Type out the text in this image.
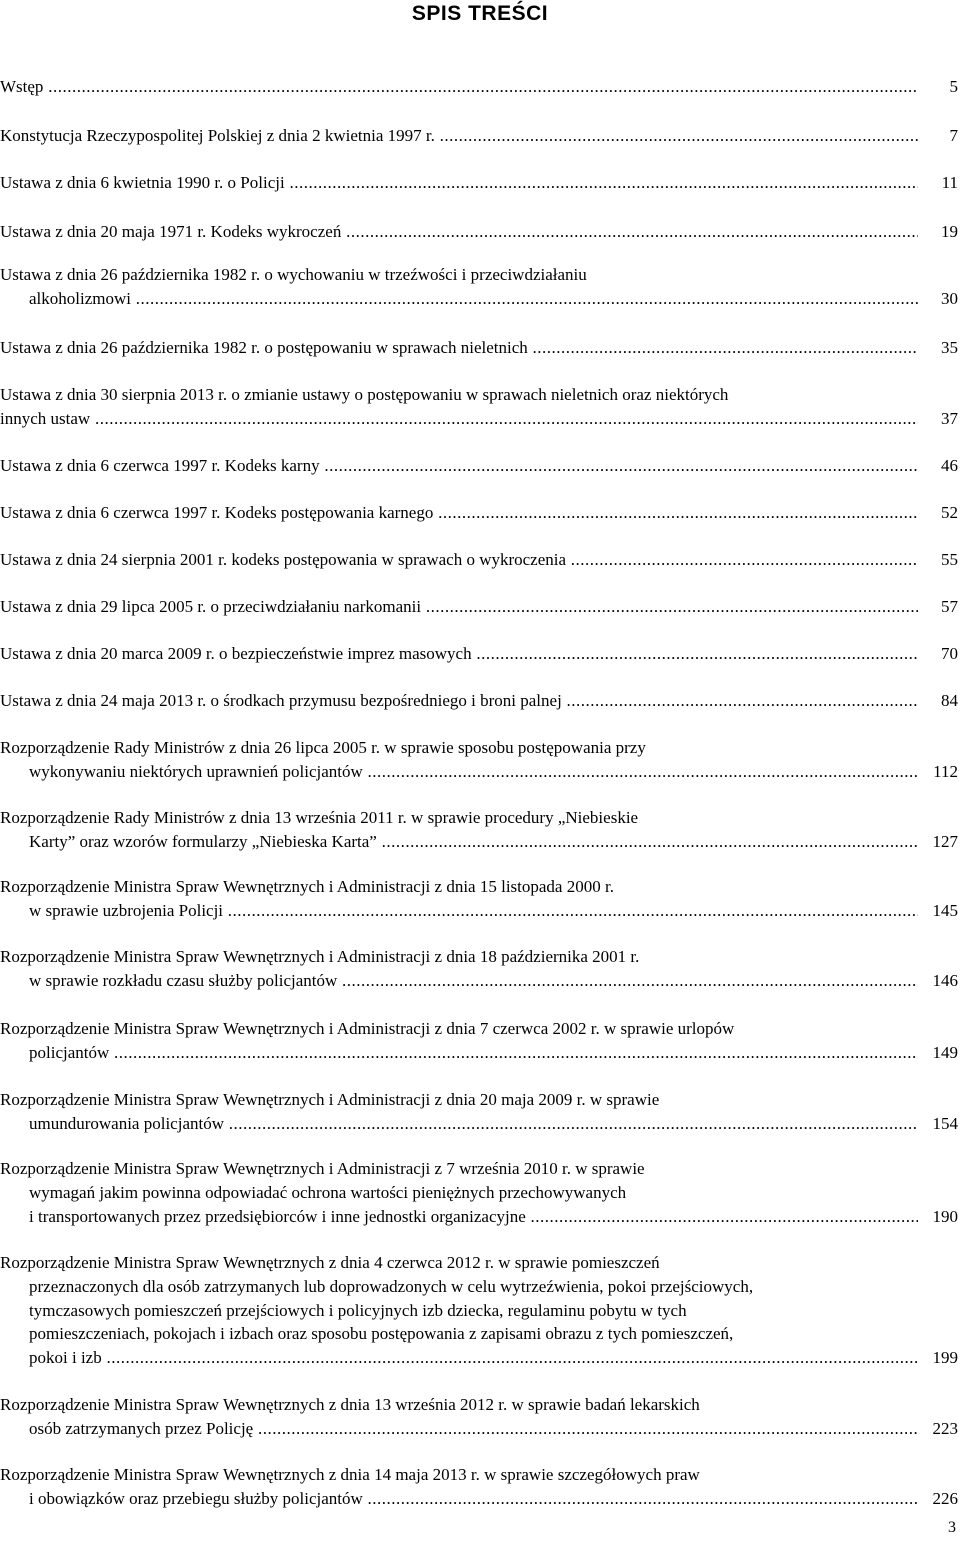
SPIS TREŚCI
Wstęp .....	5
Konstytucja Rzeczypospolitej Polskiej z dnia 2 kwietnia 1997 r. .....	7
Ustawa z dnia 6 kwietnia 1990 r. o Policji .....	11
Ustawa z dnia 20 maja 1971 r. Kodeks wykroczeń .....	19
Ustawa z dnia 26 października 1982 r. o wychowaniu w trzeźwości i przeciwdziałaniu
alkoholizmowi .....	30
Ustawa z dnia 26 października 1982 r. o postępowaniu w sprawach nieletnich .....	35
Ustawa z dnia 30 sierpnia 2013 r. o zmianie ustawy o postępowaniu w sprawach nieletnich oraz niektórych
innych ustaw .....	37
Ustawa z dnia 6 czerwca 1997 r. Kodeks karny .....	46
Ustawa z dnia 6 czerwca 1997 r. Kodeks postępowania karnego .....	52
Ustawa z dnia 24 sierpnia 2001 r. kodeks postępowania w sprawach o wykroczenia .....	55
Ustawa z dnia 29 lipca 2005 r. o przeciwdziałaniu narkomanii .....	57
Ustawa z dnia 20 marca 2009 r. o bezpieczeństwie imprez masowych .....	70
Ustawa z dnia 24 maja 2013 r. o środkach przymusu bezpośredniego i broni palnej .....	84
Rozporządzenie Rady Ministrów z dnia 26 lipca 2005 r. w sprawie sposobu postępowania przy
wykonywaniu niektórych uprawnień policjantów .....	112
Rozporządzenie Rady Ministrów z dnia 13 września 2011 r. w sprawie procedury „Niebieskie
Karty” oraz wzorów formularzy „Niebieska Karta” .....	127
Rozporządzenie Ministra Spraw Wewnętrznych i Administracji z dnia 15 listopada 2000 r.
w sprawie uzbrojenia Policji .....	145
Rozporządzenie Ministra Spraw Wewnętrznych i Administracji z dnia 18 października 2001 r.
w sprawie rozkładu czasu służby policjantów .....	146
Rozporządzenie Ministra Spraw Wewnętrznych i Administracji z dnia 7 czerwca 2002 r. w sprawie urlopów
policjantów .....	149
Rozporządzenie Ministra Spraw Wewnętrznych i Administracji z dnia 20 maja 2009 r. w sprawie
umundurowania policjantów .....	154
Rozporządzenie Ministra Spraw Wewnętrznych i Administracji z 7 września 2010 r. w sprawie
wymagań jakim powinna odpowiadać ochrona wartości pieniężnych przechowywanych
i transportowanych przez przedsiębiorców i inne jednostki organizacyjne .....	190
Rozporządzenie Ministra Spraw Wewnętrznych z dnia 4 czerwca 2012 r. w sprawie pomieszczeń
przeznaczonych dla osób zatrzymanych lub doprowadzonych w celu wytrzeźwienia, pokoi przejściowych,
tymczasowych pomieszczeń przejściowych i policyjnych izb dziecka, regulaminu pobytu w tych
pomieszczeniach, pokojach i izbach oraz sposobu postępowania z zapisami obrazu z tych pomieszczeń,
pokoi i izb .....	199
Rozporządzenie Ministra Spraw Wewnętrznych z dnia 13 września 2012 r. w sprawie badań lekarskich
osób zatrzymanych przez Policję .....	223
Rozporządzenie Ministra Spraw Wewnętrznych z dnia 14 maja 2013 r. w sprawie szczegółowych praw
i obowiązków oraz przebiegu służby policjantów .....	226
3
